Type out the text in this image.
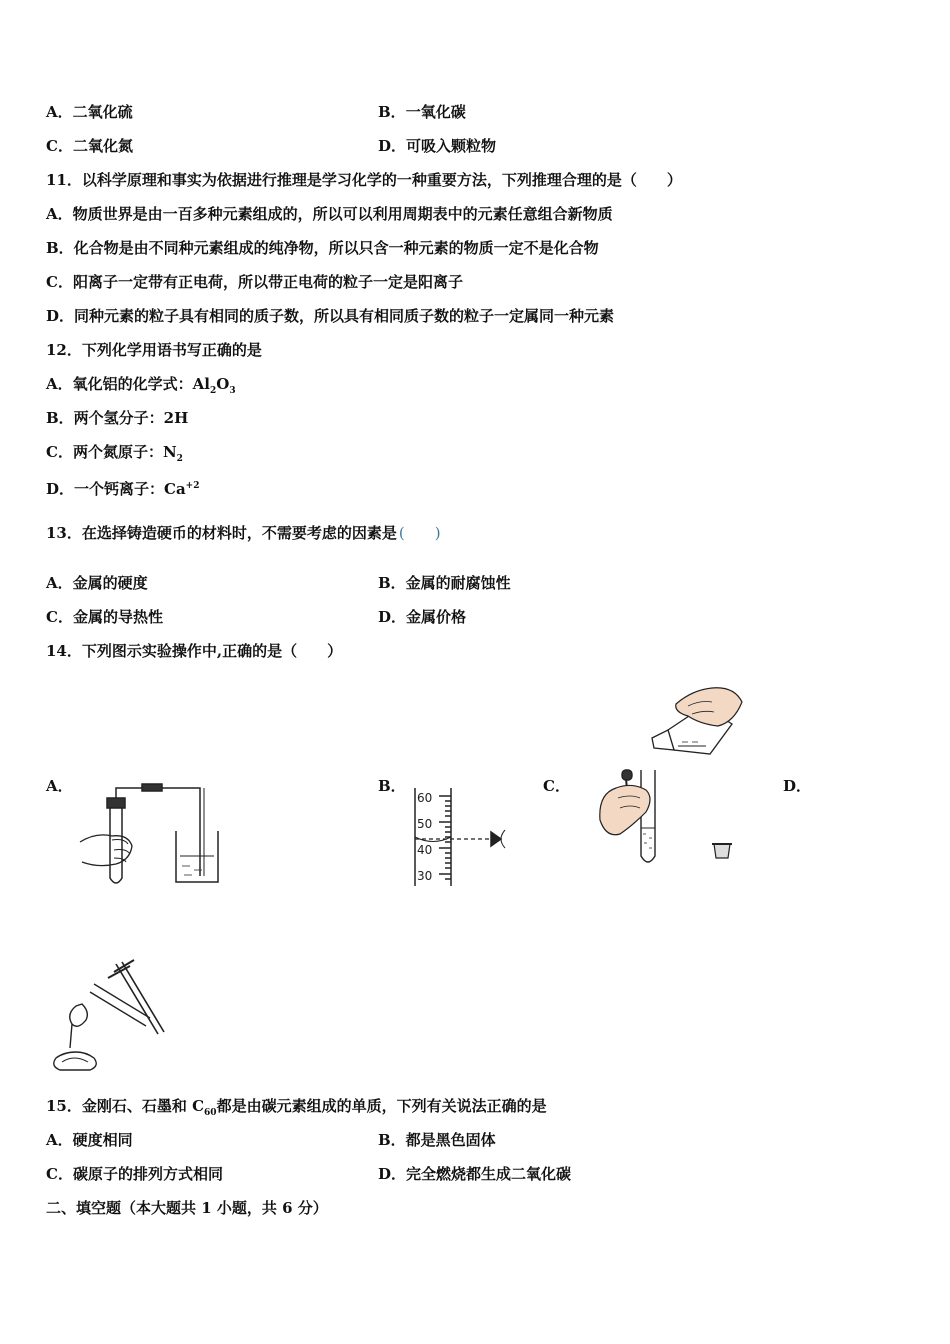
A．二氧化硫	B．一氧化碳
C．二氧化氮	D．可吸入颗粒物
11．以科学原理和事实为依据进行推理是学习化学的一种重要方法，下列推理合理的是（　　）
A．物质世界是由一百多种元素组成的，所以可以利用周期表中的元素任意组合新物质
B．化合物是由不同种元素组成的纯净物，所以只含一种元素的物质一定不是化合物
C．阳离子一定带有正电荷，所以带正电荷的粒子一定是阳离子
D．同种元素的粒子具有相同的质子数，所以具有相同质子数的粒子一定属同一种元素
12．下列化学用语书写正确的是
A．氧化铝的化学式：$Al_2O_3$
B．两个氢分子：2H
C．两个氮原子：$N_2$
D．一个钙离子：$Ca^{+2}$
13．在选择铸造硬币的材料时，不需要考虑的因素是 ( )
A．金属的硬度	B．金属的耐腐蚀性
C．金属的导热性	D．金属价格
14．下列图示实验操作中,正确的是（　　）
A．	B．	C．	D．
60
50
40
30
15．金刚石、石墨和 $C_{60}$都是由碳元素组成的单质，下列有关说法正确的是
A．硬度相同	B．都是黑色固体
C．碳原子的排列方式相同	D．完全燃烧都生成二氧化碳
二、填空题（本大题共 1 小题，共 6 分）
